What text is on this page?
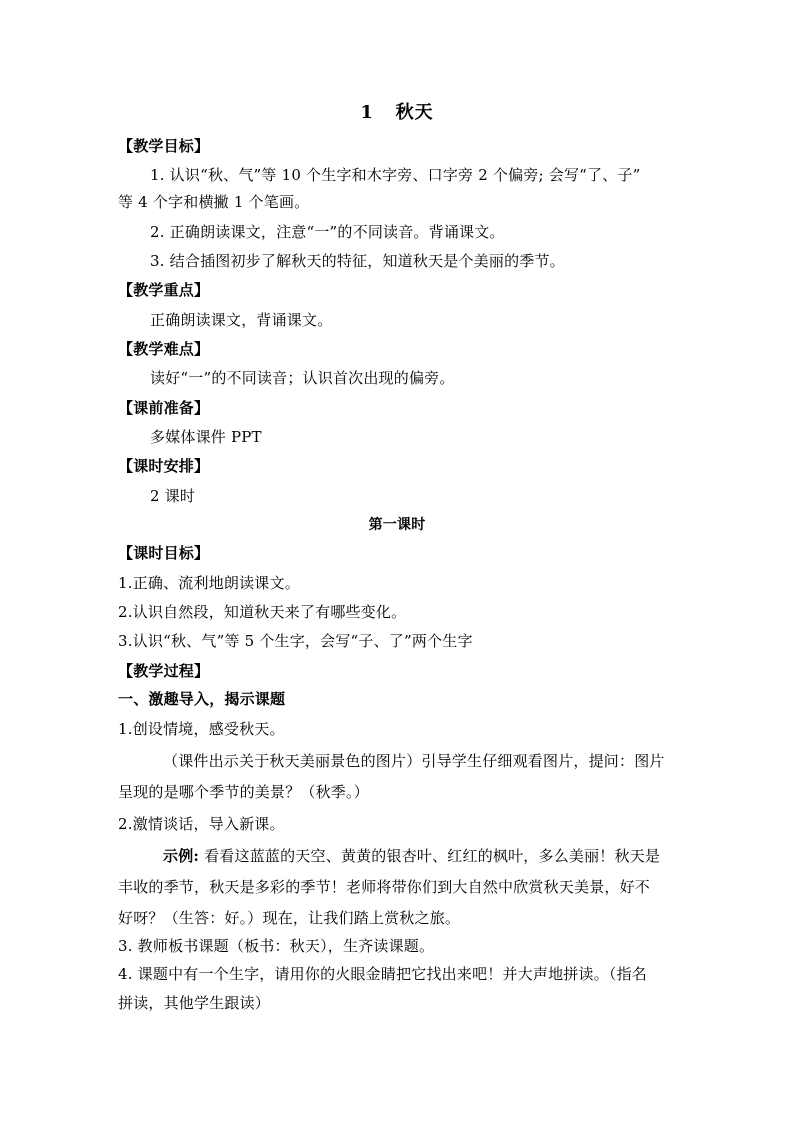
1   秋天
【教学目标】
1. 认识“秋、气”等 10 个生字和木字旁、口字旁 2 个偏旁; 会写“了、子”
等 4 个字和横撇 1 个笔画。
2. 正确朗读课文，注意“一”的不同读音。背诵课文。
3. 结合插图初步了解秋天的特征，知道秋天是个美丽的季节。
【教学重点】
正确朗读课文，背诵课文。
【教学难点】
读好“一”的不同读音；认识首次出现的偏旁。
【课前准备】
多媒体课件 PPT
【课时安排】
2 课时
第一课时
【课时目标】
1.正确、流利地朗读课文。
2.认识自然段，知道秋天来了有哪些变化。
3.认识“秋、气”等 5 个生字，会写“子、了”两个生字
【教学过程】
一、激趣导入，揭示课题
1.创设情境，感受秋天。
（课件出示关于秋天美丽景色的图片）引导学生仔细观看图片，提问：图片
呈现的是哪个季节的美景？（秋季。）
2.激情谈话，导入新课。
示例: 看看这蓝蓝的天空、黄黄的银杏叶、红红的枫叶，多么美丽！秋天是
丰收的季节，秋天是多彩的季节！老师将带你们到大自然中欣赏秋天美景，好不
好呀？（生答：好。）现在，让我们踏上赏秋之旅。
3. 教师板书课题（板书：秋天），生齐读课题。
4. 课题中有一个生字，请用你的火眼金睛把它找出来吧！并大声地拼读。（指名
拼读，其他学生跟读）
